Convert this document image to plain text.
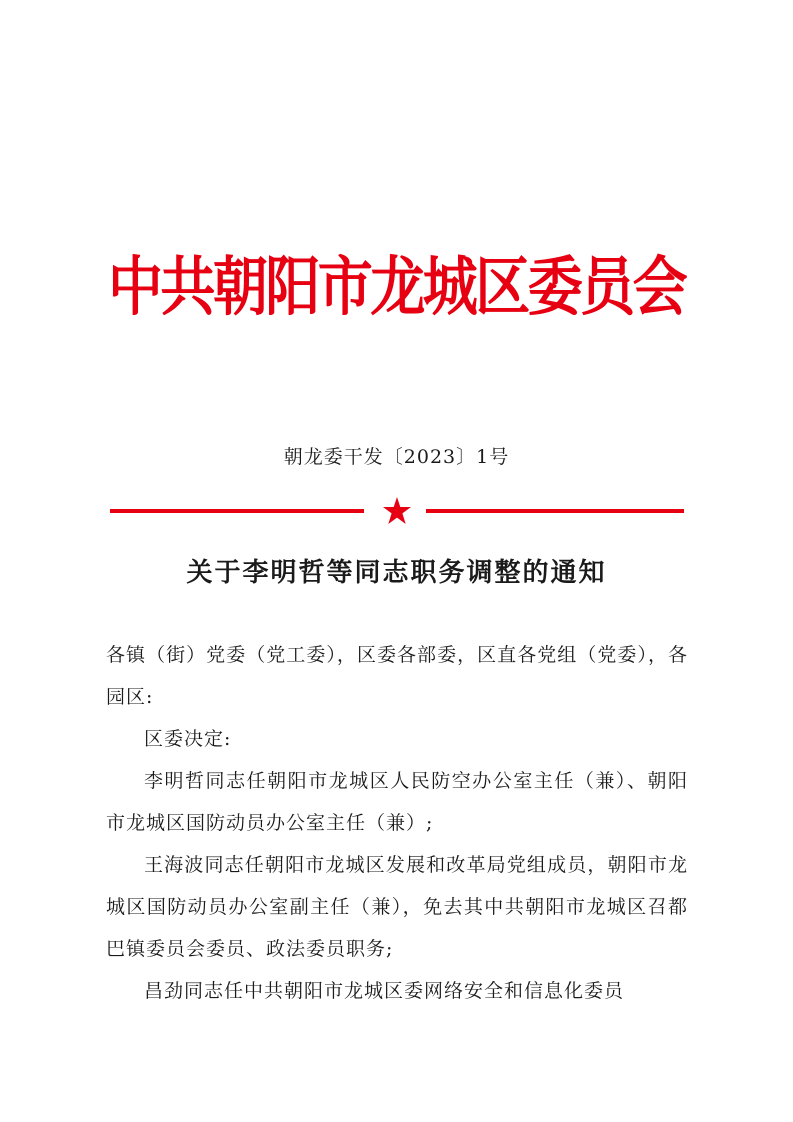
中共朝阳市龙城区委员会
朝龙委干发〔2023〕1号
关于李明哲等同志职务调整的通知

各镇（街）党委（党工委），区委各部委，区直各党组（党委），各园区:

区委决定:

李明哲同志任朝阳市龙城区人民防空办公室主任（兼）、朝阳市龙城区国防动员办公室主任（兼）;

王海波同志任朝阳市龙城区发展和改革局党组成员，朝阳市龙城区国防动员办公室副主任（兼），免去其中共朝阳市龙城区召都巴镇委员会委员、政法委员职务;

昌劲同志任中共朝阳市龙城区委网络安全和信息化委员
